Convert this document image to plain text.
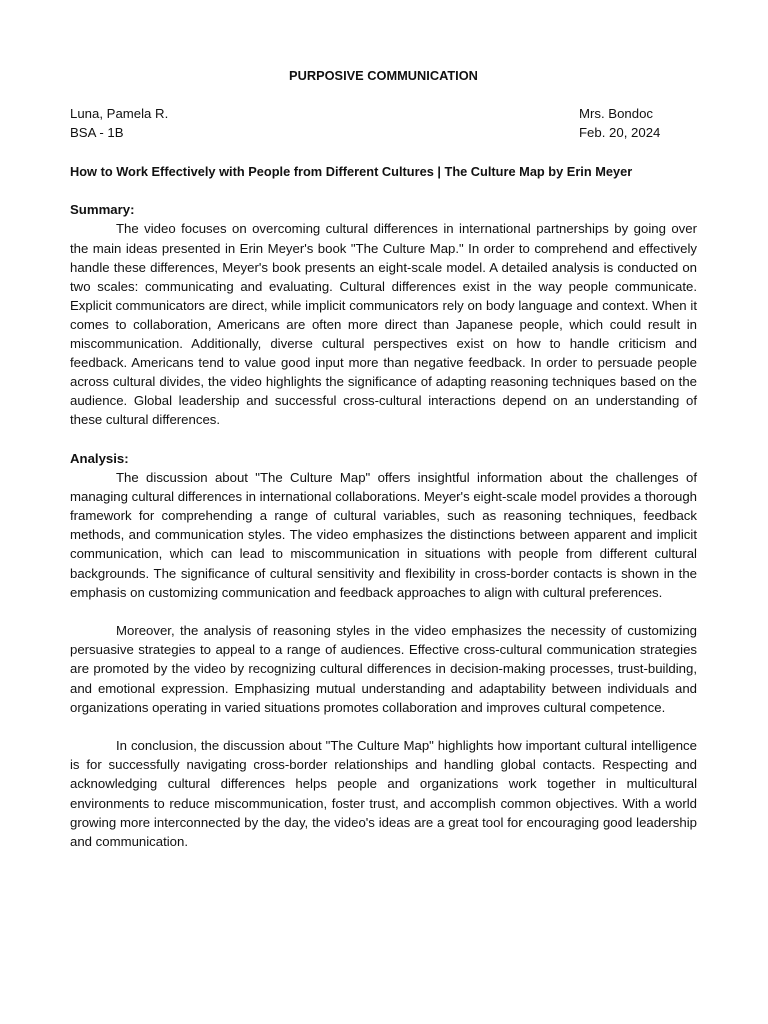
PURPOSIVE COMMUNICATION
Luna, Pamela R.	Mrs. Bondoc
BSA - 1B	Feb. 20, 2024
How to Work Effectively with People from Different Cultures | The Culture Map by Erin Meyer

Summary:

The video focuses on overcoming cultural differences in international partnerships by going over the main ideas presented in Erin Meyer's book "The Culture Map." In order to comprehend and effectively handle these differences, Meyer's book presents an eight-scale model. A detailed analysis is conducted on two scales: communicating and evaluating. Cultural differences exist in the way people communicate. Explicit communicators are direct, while implicit communicators rely on body language and context. When it comes to collaboration, Americans are often more direct than Japanese people, which could result in miscommunication. Additionally, diverse cultural perspectives exist on how to handle criticism and feedback. Americans tend to value good input more than negative feedback. In order to persuade people across cultural divides, the video highlights the significance of adapting reasoning techniques based on the audience. Global leadership and successful cross-cultural interactions depend on an understanding of these cultural differences.

Analysis:

The discussion about "The Culture Map" offers insightful information about the challenges of managing cultural differences in international collaborations. Meyer's eight-scale model provides a thorough framework for comprehending a range of cultural variables, such as reasoning techniques, feedback methods, and communication styles. The video emphasizes the distinctions between apparent and implicit communication, which can lead to miscommunication in situations with people from different cultural backgrounds. The significance of cultural sensitivity and flexibility in cross-border contacts is shown in the emphasis on customizing communication and feedback approaches to align with cultural preferences.

Moreover, the analysis of reasoning styles in the video emphasizes the necessity of customizing persuasive strategies to appeal to a range of audiences. Effective cross-cultural communication strategies are promoted by the video by recognizing cultural differences in decision-making processes, trust-building, and emotional expression. Emphasizing mutual understanding and adaptability between individuals and organizations operating in varied situations promotes collaboration and improves cultural competence.

In conclusion, the discussion about "The Culture Map" highlights how important cultural intelligence is for successfully navigating cross-border relationships and handling global contacts. Respecting and acknowledging cultural differences helps people and organizations work together in multicultural environments to reduce miscommunication, foster trust, and accomplish common objectives. With a world growing more interconnected by the day, the video's ideas are a great tool for encouraging good leadership and communication.
